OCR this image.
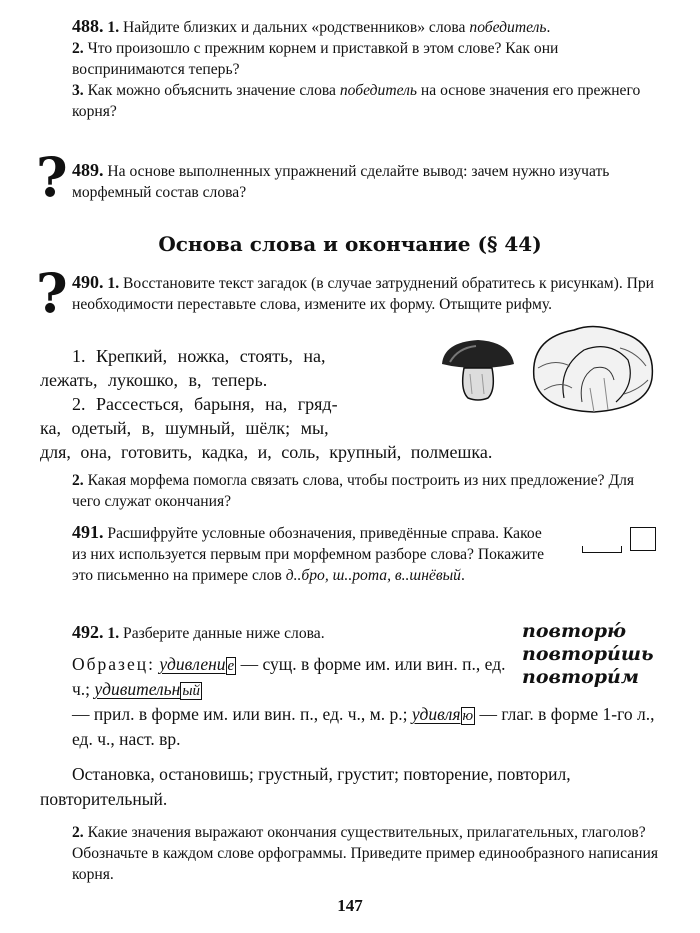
488. 1. Найдите близких и дальних «родственников» слова победитель.
2. Что произошло с прежним корнем и приставкой в этом слове? Как они воспринимаются теперь?
3. Как можно объяснить значение слова победитель на основе значения его прежнего корня?
? 489. На основе выполненных упражнений сделайте вывод: зачем нужно изучать морфемный состав слова?
Основа слова и окончание (§ 44)
? 490. 1. Восстановите текст загадок (в случае затруднений обратитесь к рисункам). При необходимости переставьте слова, измените их форму. Отыщите рифму.
1. Крепкий, ножка, стоять, на,
лежать, лукошко, в, теперь.
2. Рассесться, барыня, на, гряд-
ка, одетый, в, шумный, шёлк; мы,
для, она, готовить, кадка, и, соль, крупный, полмешка.
2. Какая морфема помогла связать слова, чтобы построить из них предложение? Для чего служат окончания?
491. Расшифруйте условные обозначения, приведённые справа. Какое из них используется первым при морфемном разборе слова? Покажите это письменно на примере слов д..бро, ш..рота, в..шнёвый.
492. 1. Разберите данные ниже слова.	повторю́
повтори́шь
повтори́м
Образец: удивлени е — сущ. в форме им. или вин. п., ед. ч.; удивительн ый
— прил. в форме им. или вин. п., ед. ч., м. р.; удивля ю — глаг. в форме 1-го л., ед. ч., наст. вр.
Остановка, остановишь; грустный, грустит; повторение, повторил, повторительный.
2. Какие значения выражают окончания существительных, прилагательных, глаголов? Обозначьте в каждом слове орфограммы. Приведите пример единообразного написания корня.
147
